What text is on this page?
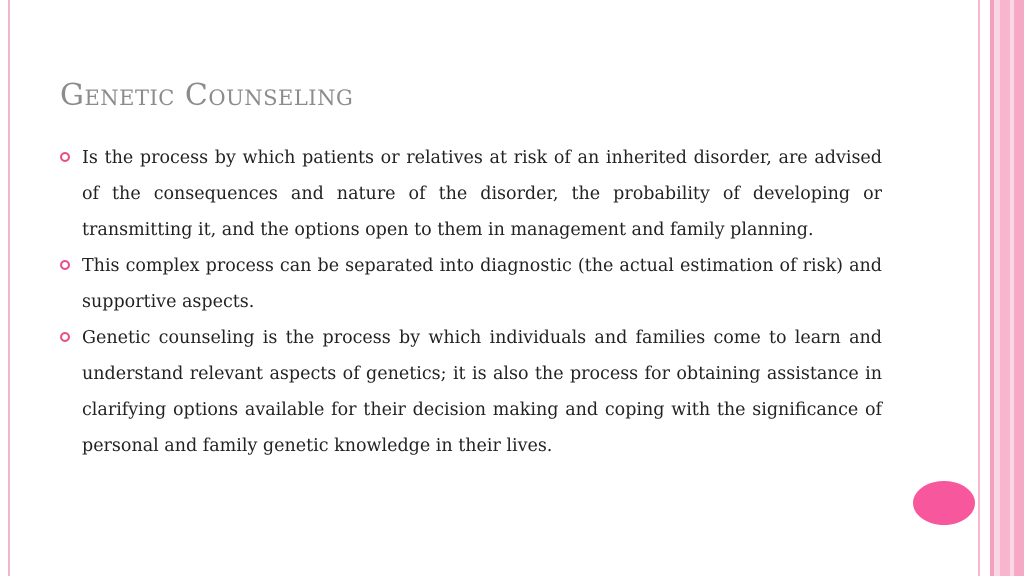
Genetic Counseling

Is the process by which patients or relatives at risk of an inherited disorder, are advised of the consequences and nature of the disorder, the probability of developing or transmitting it, and the options open to them in management and family planning.

This complex process can be separated into diagnostic (the actual estimation of risk) and supportive aspects.

Genetic counseling is the process by which individuals and families come to learn and understand relevant aspects of genetics; it is also the process for obtaining assistance in clarifying options available for their decision making and coping with the significance of personal and family genetic knowledge in their lives.
